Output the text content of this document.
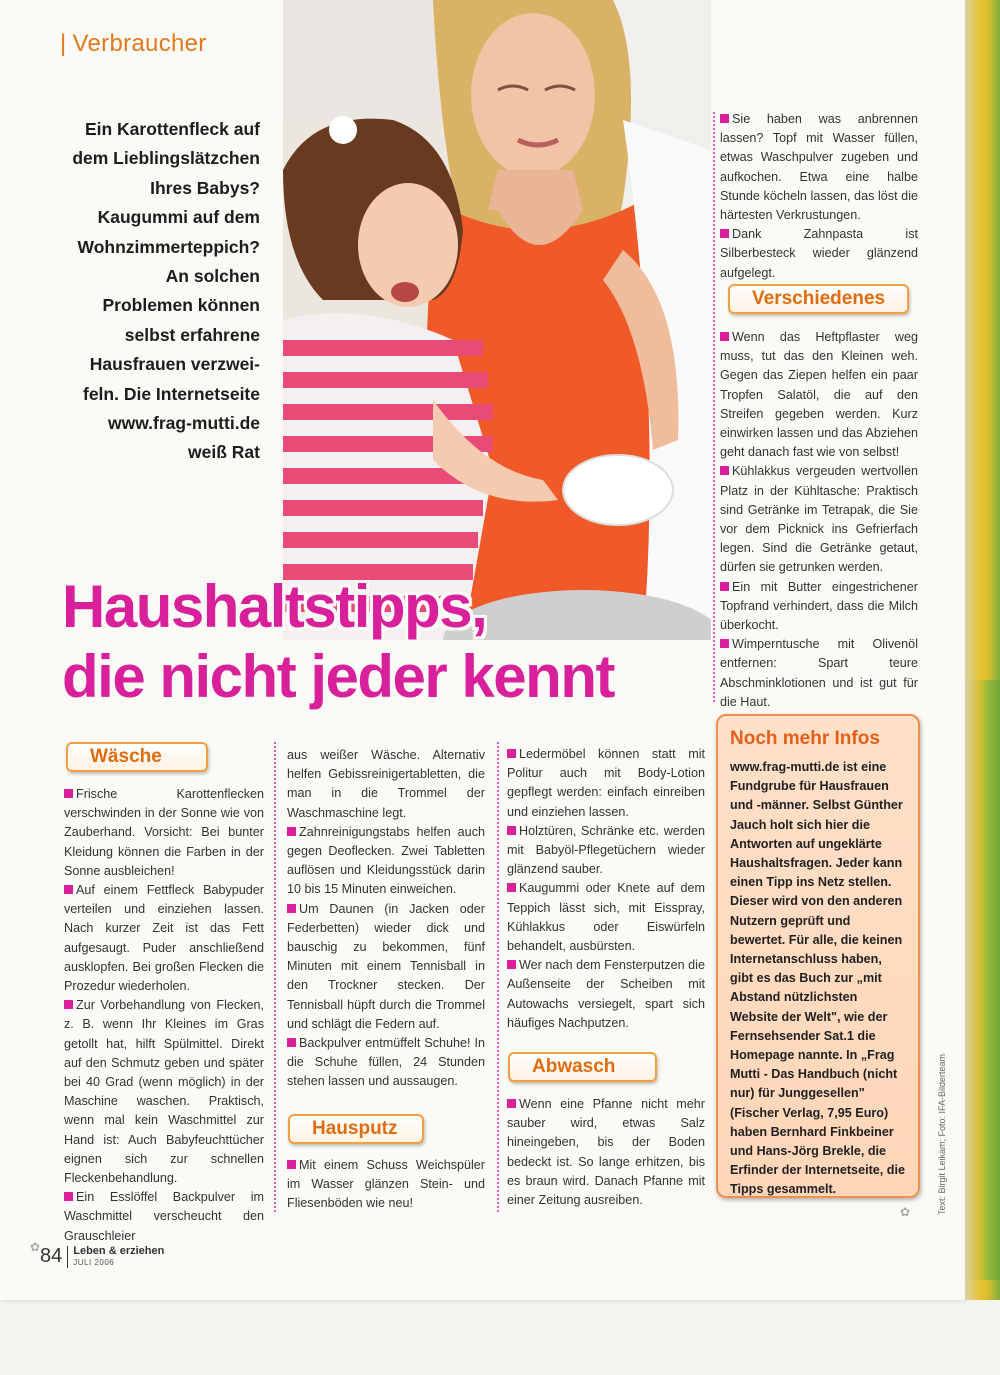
| Verbraucher
Ein Karottenfleck auf
dem Lieblingslätzchen
Ihres Babys?
Kaugummi auf dem
Wohnzimmerteppich?
An solchen
Problemen können
selbst erfahrene
Hausfrauen verzwei-
feln. Die Internetseite
www.frag-mutti.de
weiß Rat
Haushaltstipps,
die nicht jeder kennt
Wäsche

Frische Karottenflecken verschwinden in der Sonne wie von Zauberhand. Vorsicht: Bei bunter Kleidung können die Farben in der Sonne ausbleichen!

Auf einem Fettfleck Babypuder verteilen und einziehen lassen. Nach kurzer Zeit ist das Fett aufgesaugt. Puder anschließend ausklopfen. Bei großen Flecken die Prozedur wiederholen.

Zur Vorbehandlung von Flecken, z. B. wenn Ihr Kleines im Gras getollt hat, hilft Spülmittel. Direkt auf den Schmutz geben und später bei 40 Grad (wenn möglich) in der Maschine waschen. Praktisch, wenn mal kein Waschmittel zur Hand ist: Auch Babyfeuchttücher eignen sich zur schnellen Fleckenbehandlung.

Ein Esslöffel Backpulver im Waschmittel verscheucht den Grauschleier

aus weißer Wäsche. Alternativ helfen Gebissreinigertabletten, die man in die Trommel der Waschmaschine legt.

Zahnreinigungstabs helfen auch gegen Deoflecken. Zwei Tabletten auflösen und Kleidungsstück darin 10 bis 15 Minuten einweichen.

Um Daunen (in Jacken oder Federbetten) wieder dick und bauschig zu bekommen, fünf Minuten mit einem Tennisball in den Trockner stecken. Der Tennisball hüpft durch die Trommel und schlägt die Federn auf.

Backpulver entmüffelt Schuhe! In die Schuhe füllen, 24 Stunden stehen lassen und aussaugen.

Hausputz

Mit einem Schuss Weichspüler im Wasser glänzen Stein- und Fliesenböden wie neu!

Ledermöbel können statt mit Politur auch mit Body-Lotion gepflegt werden: einfach einreiben und einziehen lassen.

Holztüren, Schränke etc. werden mit Babyöl-Pflegetüchern wieder glänzend sauber.

Kaugummi oder Knete auf dem Teppich lässt sich, mit Eisspray, Kühlakkus oder Eiswürfeln behandelt, ausbürsten.

Wer nach dem Fensterputzen die Außenseite der Scheiben mit Autowachs versiegelt, spart sich häufiges Nachputzen.

Abwasch

Wenn eine Pfanne nicht mehr sauber wird, etwas Salz hineingeben, bis der Boden bedeckt ist. So lange erhitzen, bis es braun wird. Danach Pfanne mit einer Zeitung ausreiben.

Sie haben was anbrennen lassen? Topf mit Wasser füllen, etwas Waschpulver zugeben und aufkochen. Etwa eine halbe Stunde köcheln lassen, das löst die härtesten Verkrustungen.

Dank Zahnpasta ist Silberbesteck wieder glänzend aufgelegt.

Verschiedenes

Wenn das Heftpflaster weg muss, tut das den Kleinen weh. Gegen das Ziepen helfen ein paar Tropfen Salatöl, die auf den Streifen gegeben werden. Kurz einwirken lassen und das Abziehen geht danach fast wie von selbst!

Kühlakkus vergeuden wertvollen Platz in der Kühltasche: Praktisch sind Getränke im Tetrapak, die Sie vor dem Picknick ins Gefrierfach legen. Sind die Getränke getaut, dürfen sie getrunken werden.

Ein mit Butter eingestrichener Topfrand verhindert, dass die Milch überkocht.

Wimperntusche mit Olivenöl entfernen: Spart teure Abschminklotionen und ist gut für die Haut.

Noch mehr Infos

www.frag-mutti.de ist eine Fundgrube für Hausfrauen und -männer. Selbst Günther Jauch holt sich hier die Antworten auf ungeklärte Haushaltsfragen. Jeder kann einen Tipp ins Netz stellen. Dieser wird von den anderen Nutzern geprüft und bewertet. Für alle, die keinen Internetanschluss haben, gibt es das Buch zur „mit Abstand nützlichsten Website der Welt", wie der Fernsehsender Sat.1 die Homepage nannte. In „Frag Mutti - Das Handbuch (nicht nur) für Junggesellen" (Fischer Verlag, 7,95 Euro) haben Bernhard Finkbeiner und Hans-Jörg Brekle, die Erfinder der Internetseite, die Tipps gesammelt.	Text: Birgit Leikam; Foto: IFA-Bilderteam
✿
✿ 84 Leben & erziehen
JULI 2006
